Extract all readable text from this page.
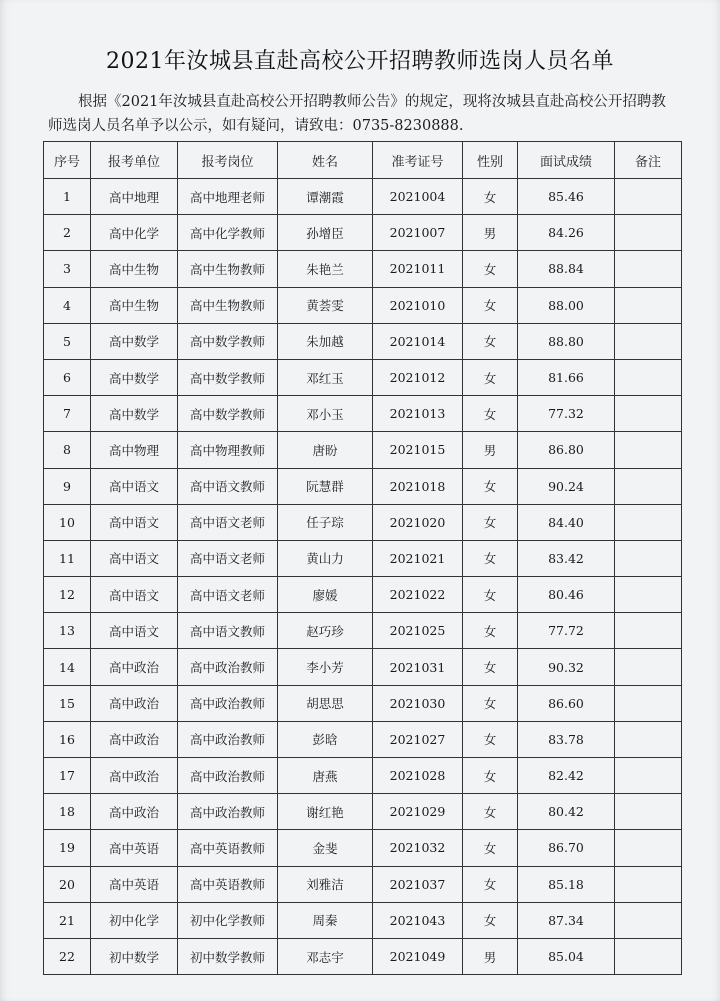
2021年汝城县直赴高校公开招聘教师选岗人员名单
根据《2021年汝城县直赴高校公开招聘教师公告》的规定，现将汝城县直赴高校公开招聘教师选岗人员名单予以公示，如有疑问，请致电：0735-8230888.
序号	报考单位	报考岗位	姓名	准考证号	性别	面试成绩	备注
1	高中地理	高中地理老师	谭潮霞	2021004	女	85.46	
2	高中化学	高中化学教师	孙增臣	2021007	男	84.26	
3	高中生物	高中生物教师	朱艳兰	2021011	女	88.84	
4	高中生物	高中生物教师	黄荟雯	2021010	女	88.00	
5	高中数学	高中数学教师	朱加越	2021014	女	88.80	
6	高中数学	高中数学教师	邓红玉	2021012	女	81.66	
7	高中数学	高中数学教师	邓小玉	2021013	女	77.32	
8	高中物理	高中物理教师	唐盼	2021015	男	86.80	
9	高中语文	高中语文教师	阮慧群	2021018	女	90.24	
10	高中语文	高中语文老师	任子琮	2021020	女	84.40	
11	高中语文	高中语文老师	黄山力	2021021	女	83.42	
12	高中语文	高中语文老师	廖媛	2021022	女	80.46	
13	高中语文	高中语文教师	赵巧珍	2021025	女	77.72	
14	高中政治	高中政治教师	李小芳	2021031	女	90.32	
15	高中政治	高中政治教师	胡思思	2021030	女	86.60	
16	高中政治	高中政治教师	彭晗	2021027	女	83.78	
17	高中政治	高中政治教师	唐燕	2021028	女	82.42	
18	高中政治	高中政治教师	谢红艳	2021029	女	80.42	
19	高中英语	高中英语教师	金斐	2021032	女	86.70	
20	高中英语	高中英语教师	刘雅洁	2021037	女	85.18	
21	初中化学	初中化学教师	周秦	2021043	女	87.34	
22	初中数学	初中数学教师	邓志宇	2021049	男	85.04	
